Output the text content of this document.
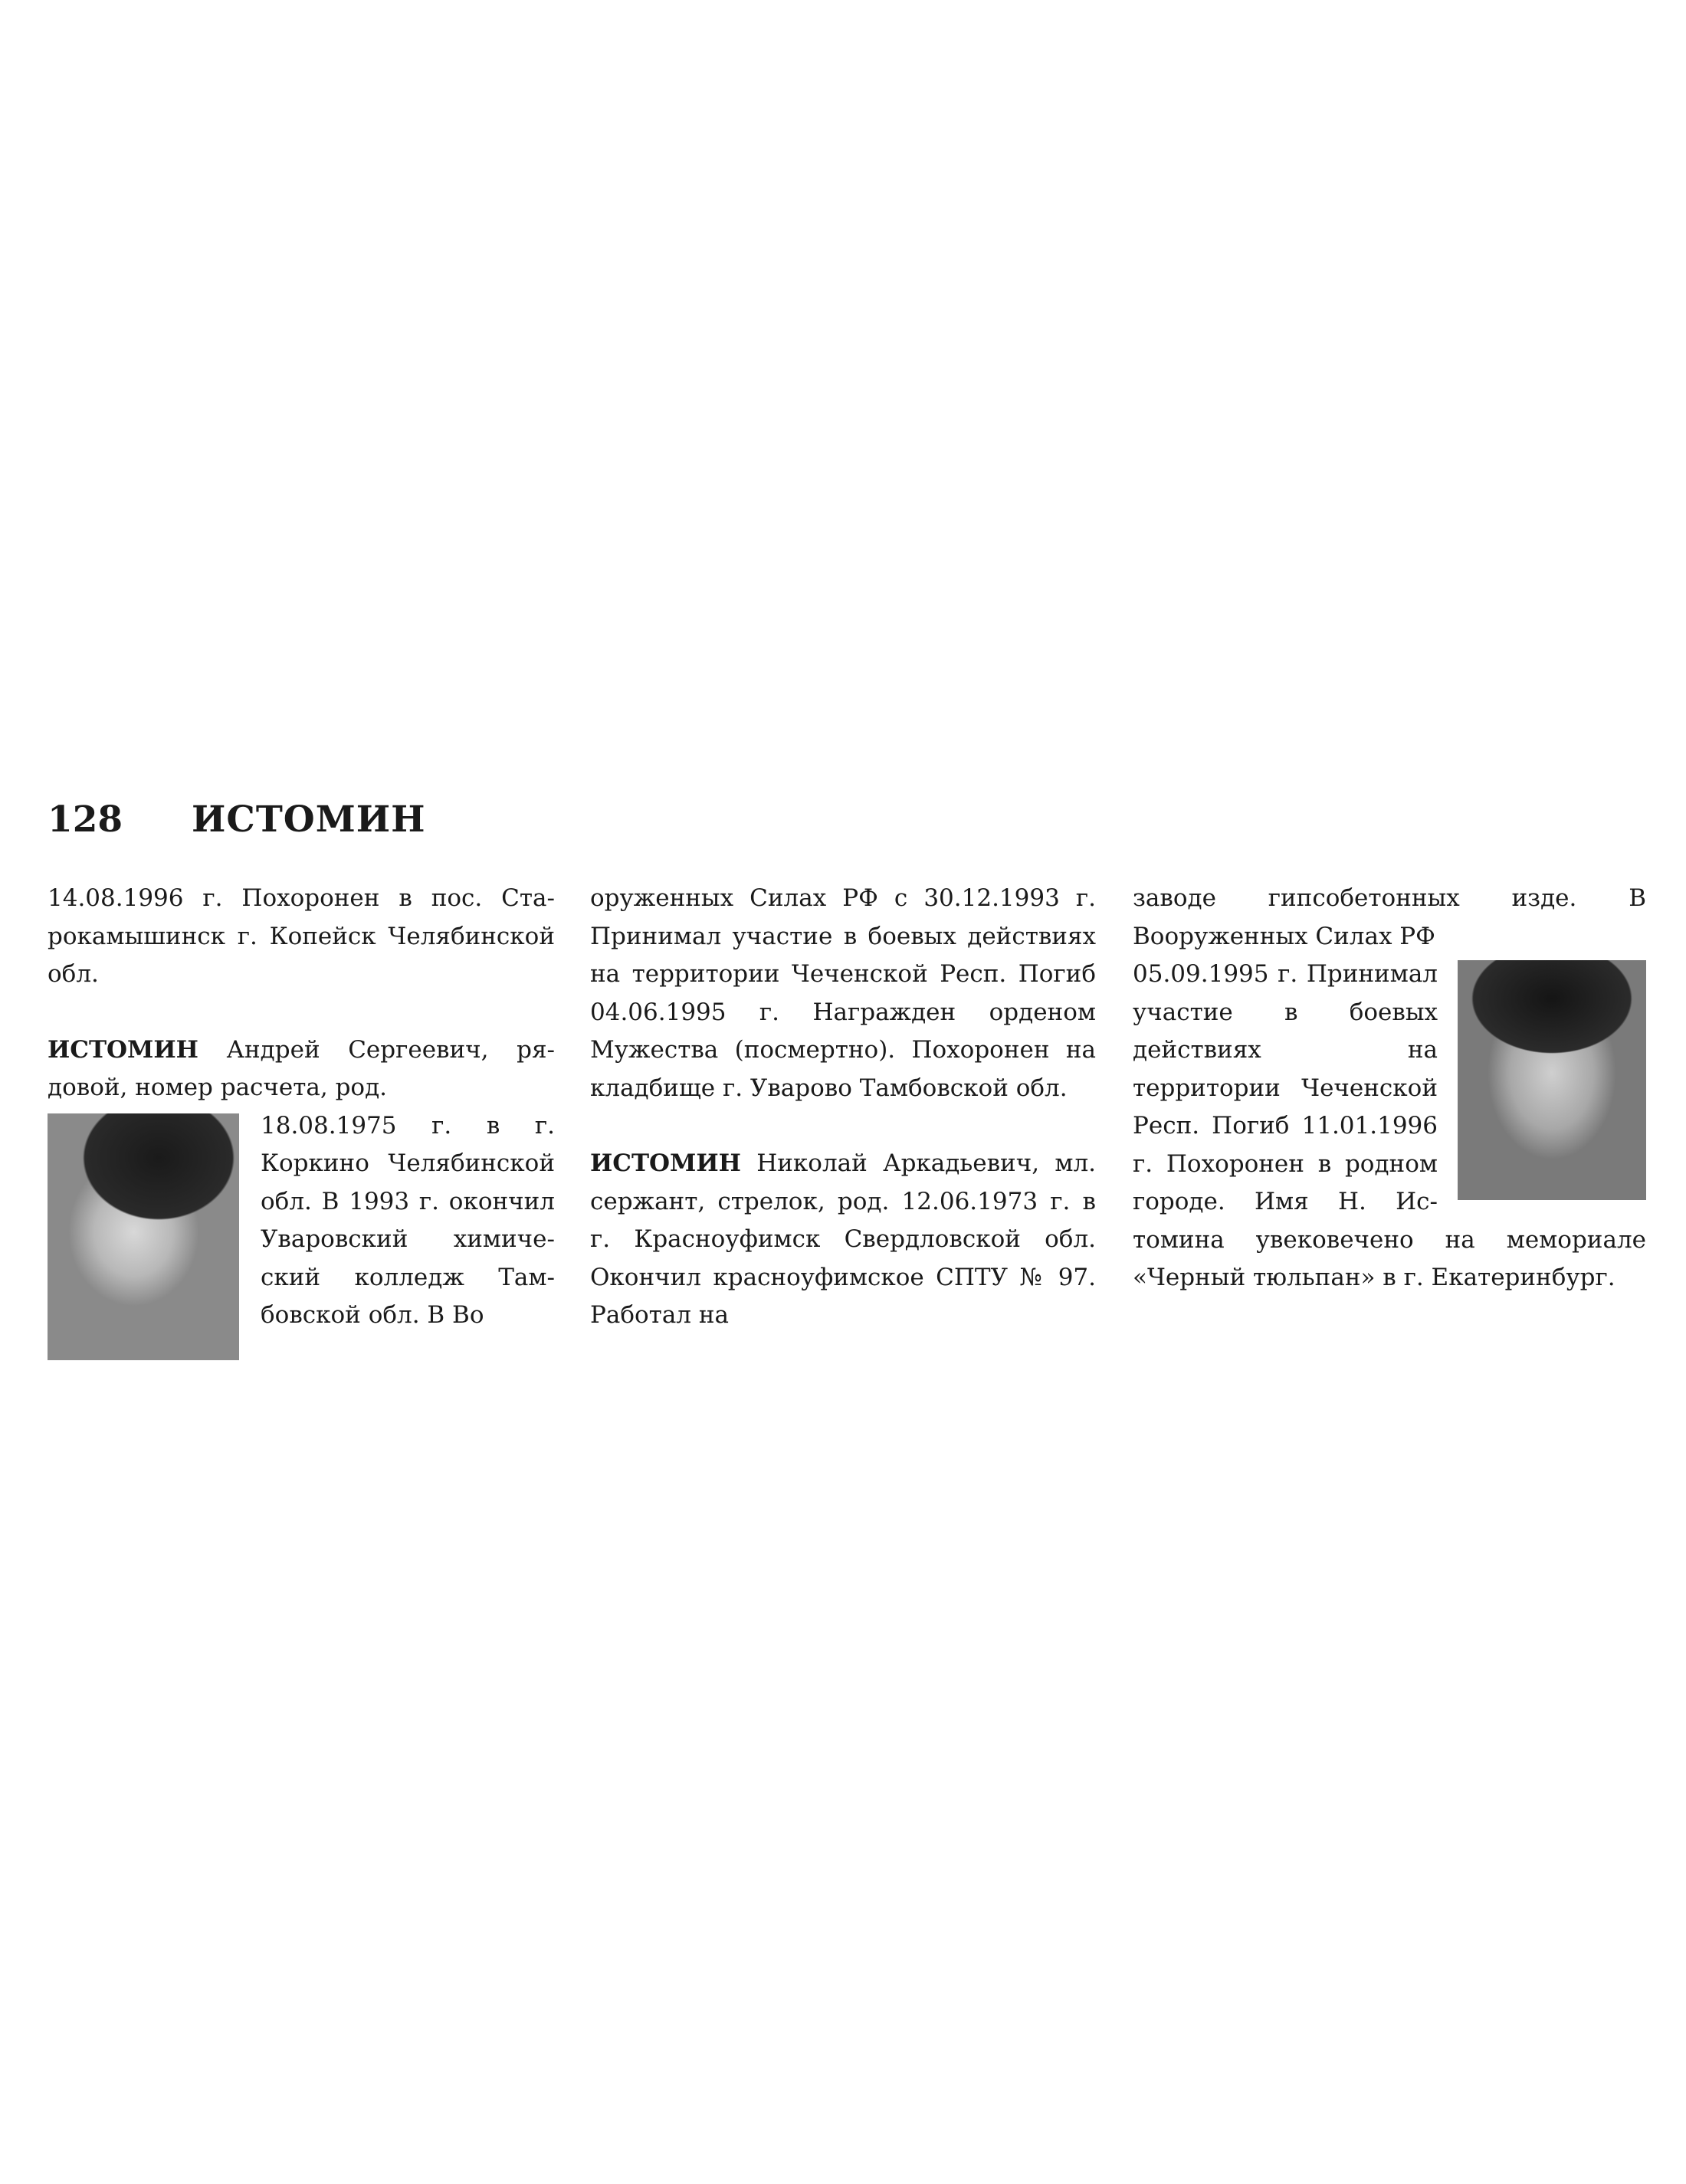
128 ИСТОМИН

14.08.1996 г. Похоронен в пос. Старокамышинск г. Копейск Челябинской обл.

ИСТОМИН Андрей Сергеевич, рядовой, номер расчета, род.

18.08.1975 г. в г. Коркино Челябинской обл. В 1993 г. окончил Уваровский химический колледж Тамбовской обл. В Во

оруженных Силах РФ с 30.12.1993 г. Принимал участие в боевых действиях на территории Чеченской Респ. Погиб 04.06.1995 г. Награжден орденом Мужества (посмертно). Похоронен на кладбище г. Уварово Тамбовской обл.

ИСТОМИН Николай Аркадьевич, мл. сержант, стрелок, род. 12.06.1973 г. в г. Красноуфимск Свердловской обл. Окончил красноуфимское СПТУ № 97. Работал на

заводе гипсобетонных изде. В Вооруженных Силах РФ

05.09.1995 г. Принимал участие в боевых действиях на территории Чеченской Респ. Погиб 11.01.1996 г. Похоронен в родном городе. Имя Н. Истомина увековечено на мемориале «Черный тюльпан» в г. Екатеринбург.
